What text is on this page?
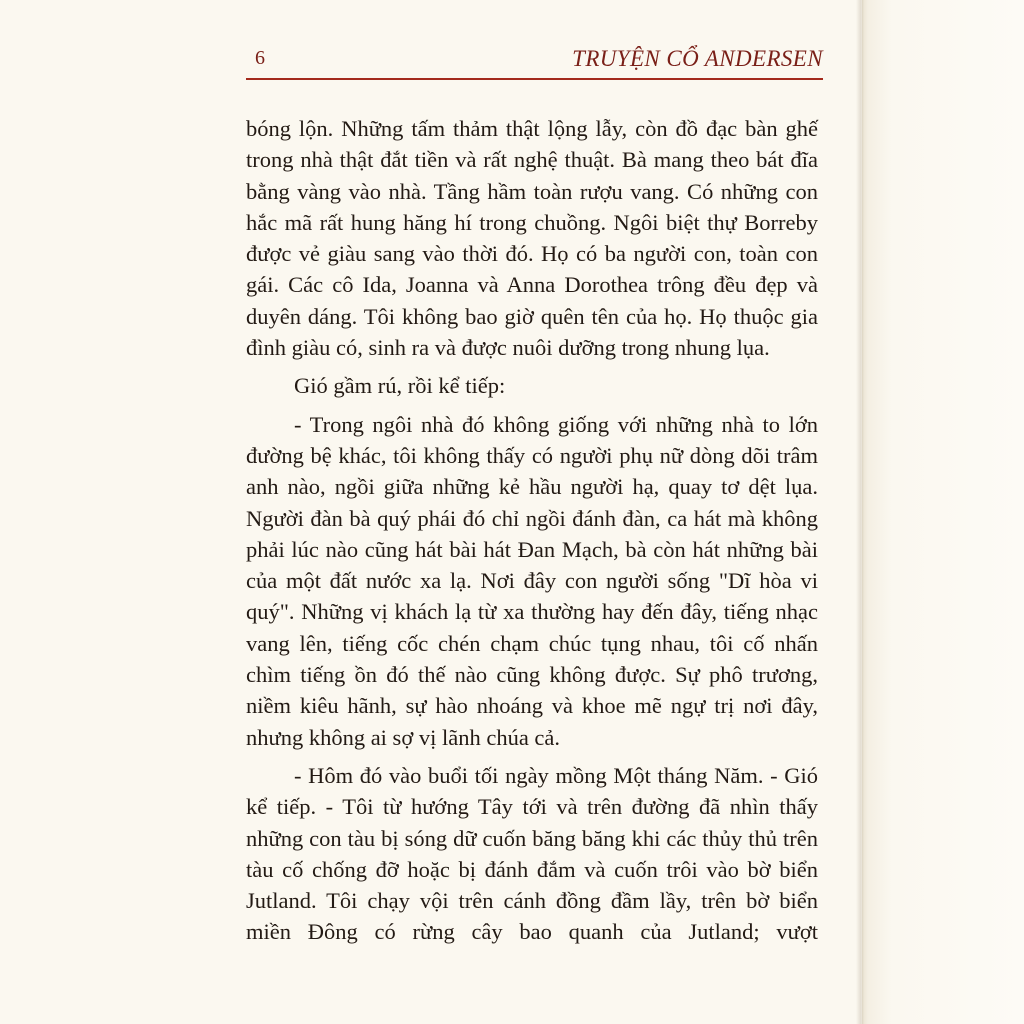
6	TRUYỆN CỔ ANDERSEN

bóng lộn. Những tấm thảm thật lộng lẫy, còn đồ đạc bàn ghế trong nhà thật đắt tiền và rất nghệ thuật. Bà mang theo bát đĩa bằng vàng vào nhà. Tầng hầm toàn rượu vang. Có những con hắc mã rất hung hăng hí trong chuồng. Ngôi biệt thự Borreby được vẻ giàu sang vào thời đó. Họ có ba người con, toàn con gái. Các cô Ida, Joanna và Anna Dorothea trông đều đẹp và duyên dáng. Tôi không bao giờ quên tên của họ. Họ thuộc gia đình giàu có, sinh ra và được nuôi dưỡng trong nhung lụa.

Gió gầm rú, rồi kể tiếp:

- Trong ngôi nhà đó không giống với những nhà to lớn đường bệ khác, tôi không thấy có người phụ nữ dòng dõi trâm anh nào, ngồi giữa những kẻ hầu người hạ, quay tơ dệt lụa. Người đàn bà quý phái đó chỉ ngồi đánh đàn, ca hát mà không phải lúc nào cũng hát bài hát Đan Mạch, bà còn hát những bài của một đất nước xa lạ. Nơi đây con người sống "Dĩ hòa vi quý". Những vị khách lạ từ xa thường hay đến đây, tiếng nhạc vang lên, tiếng cốc chén chạm chúc tụng nhau, tôi cố nhấn chìm tiếng ồn đó thế nào cũng không được. Sự phô trương, niềm kiêu hãnh, sự hào nhoáng và khoe mẽ ngự trị nơi đây, nhưng không ai sợ vị lãnh chúa cả.

- Hôm đó vào buổi tối ngày mồng Một tháng Năm. - Gió kể tiếp. - Tôi từ hướng Tây tới và trên đường đã nhìn thấy những con tàu bị sóng dữ cuốn băng băng khi các thủy thủ trên tàu cố chống đỡ hoặc bị đánh đắm và cuốn trôi vào bờ biển Jutland. Tôi chạy vội trên cánh đồng đầm lầy, trên bờ biển miền Đông có rừng cây bao quanh của Jutland; vượt
